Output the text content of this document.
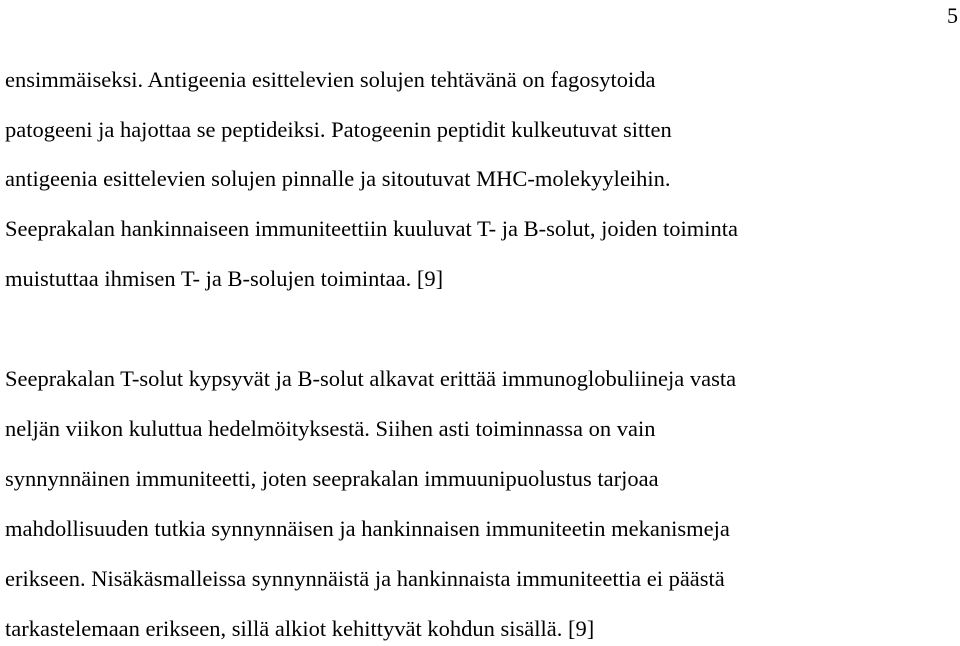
5
ensimmäiseksi. Antigeenia esittelevien solujen tehtävänä on fagosytoida
patogeeni ja hajottaa se peptideiksi. Patogeenin peptidit kulkeutuvat sitten
antigeenia esittelevien solujen pinnalle ja sitoutuvat MHC-molekyyleihin.
Seeprakalan hankinnaiseen immuniteettiin kuuluvat T- ja B-solut, joiden toiminta
muistuttaa ihmisen T- ja B-solujen toimintaa. [9]
Seeprakalan T-solut kypsyvät ja B-solut alkavat erittää immunoglobuliineja vasta
neljän viikon kuluttua hedelmöityksestä. Siihen asti toiminnassa on vain
synnynnäinen immuniteetti, joten seeprakalan immuunipuolustus tarjoaa
mahdollisuuden tutkia synnynnäisen ja hankinnaisen immuniteetin mekanismeja
erikseen. Nisäkäsmalleissa synnynnäistä ja hankinnaista immuniteettia ei päästä
tarkastelemaan erikseen, sillä alkiot kehittyvät kohdun sisällä. [9]
